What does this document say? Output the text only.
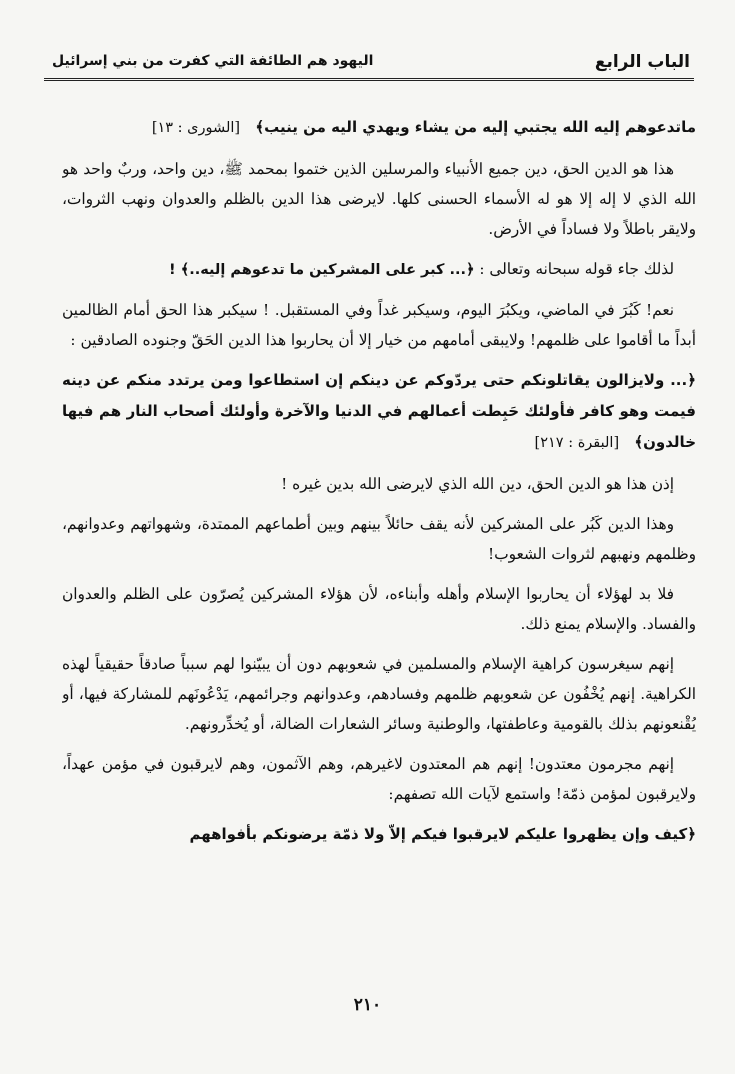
الباب الرابع
اليهود هم الطائفة التي كفرت من بني إسرائيل

ماتدعوهم إليه الله يجتبي إليه من يشاء ويهدي اليه من ينيب﴾ [الشورى : ١٣]

هذا هو الدين الحق، دين جميع الأنبياء والمرسلين الذين ختموا بمحمد ﷺ، دين واحد، وربٌ واحد هو الله الذي لا إله إلا هو له الأسماء الحسنى كلها. لايرضى هذا الدين بالظلم والعدوان ونهب الثروات، ولايقر باطلاً ولا فساداً في الأرض.

لذلك جاء قوله سبحانه وتعالى : ﴿... كبر على المشركين ما تدعوهم إليه..﴾ !

نعم! كَبُرَ في الماضي، ويكبُرَ اليوم، وسيكبر غداً وفي المستقبل. ! سيكبر هذا الحق أمام الظالمين أبداً ما أقاموا على ظلمهم! ولايبقى أمامهم من خيار إلا أن يحاربوا هذا الدين الحَقّ وجنوده الصادقين :

﴿... ولايزالون يقاتلونكم حتى يردّوكم عن دينكم إن استطاعوا ومن يرتدد منكم عن دينه فيمت وهو كافر فأولئك حَبِطت أعمالهم في الدنيا والآخرة وأولئك أصحاب النار هم فيها خالدون﴾ [البقرة : ٢١٧]

إذن هذا هو الدين الحق، دين الله الذي لايرضى الله بدين غيره !

وهذا الدين كَبُر على المشركين لأنه يقف حائلاً بينهم وبين أطماعهم الممتدة، وشهواتهم وعدوانهم، وظلمهم ونهبهم لثروات الشعوب!

فلا بد لهؤلاء أن يحاربوا الإسلام وأهله وأبناءه، لأن هؤلاء المشركين يُصرّون على الظلم والعدوان والفساد. والإسلام يمنع ذلك.

إنهم سيغرسون كراهية الإسلام والمسلمين في شعوبهم دون أن يبيّنوا لهم سبباً صادقاً حقيقياً لهذه الكراهية. إنهم يُخْفُون عن شعوبهم ظلمهم وفسادهم، وعدوانهم وجرائمهم، يَدْعُونَهم للمشاركة فيها، أو يُقْنعونهم بذلك بالقومية وعاطفتها، والوطنية وسائر الشعارات الضالة، أو يُخدِّرونهم.

إنهم مجرمون معتدون! إنهم هم المعتدون لاغيرهم، وهم الآثمون، وهم لايرقبون في مؤمن عهداً، ولايرقبون لمؤمن ذمّة! واستمع لآيات الله تصفهم:

﴿كيف وإن يظهروا عليكم لايرقبوا فيكم إلاّ ولا ذمّة يرضونكم بأفواههم

٢١٠
